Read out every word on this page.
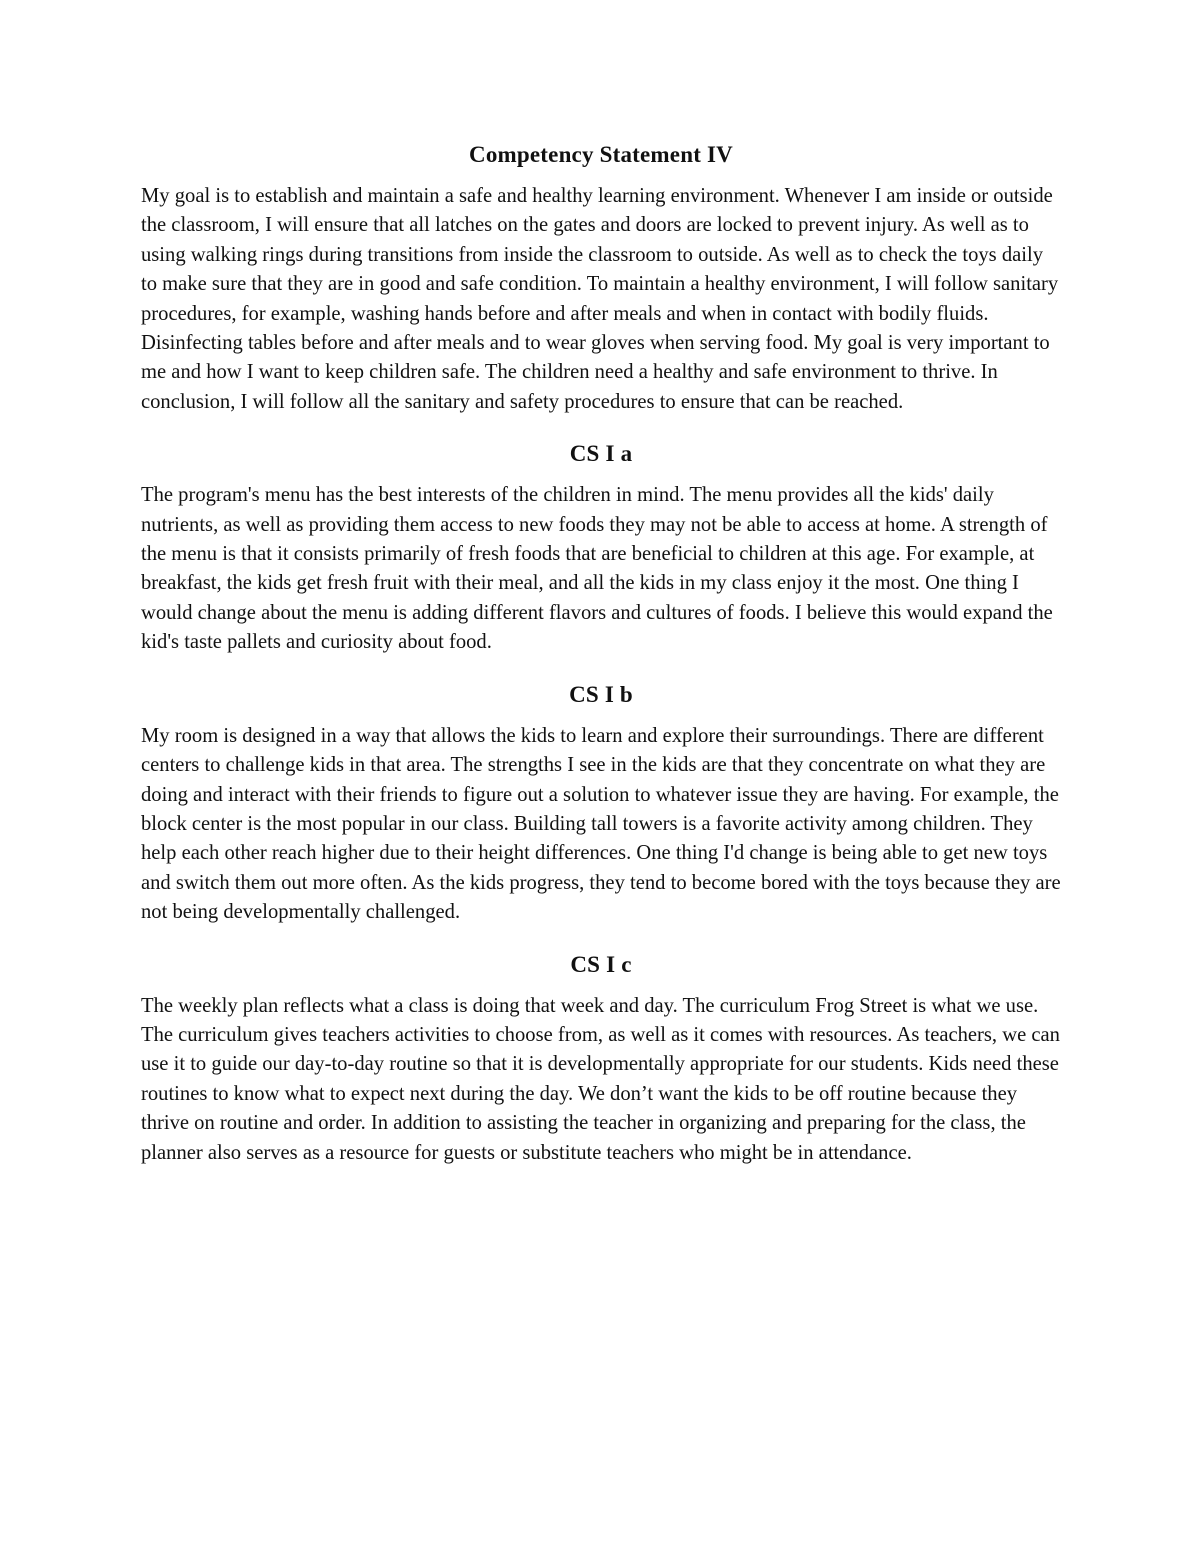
Competency Statement IV

My goal is to establish and maintain a safe and healthy learning environment. Whenever I am inside or outside the classroom, I will ensure that all latches on the gates and doors are locked to prevent injury. As well as to using walking rings during transitions from inside the classroom to outside. As well as to check the toys daily to make sure that they are in good and safe condition. To maintain a healthy environment, I will follow sanitary procedures, for example, washing hands before and after meals and when in contact with bodily fluids. Disinfecting tables before and after meals and to wear gloves when serving food. My goal is very important to me and how I want to keep children safe. The children need a healthy and safe environment to thrive. In conclusion, I will follow all the sanitary and safety procedures to ensure that can be reached.

CS I a

The program's menu has the best interests of the children in mind. The menu provides all the kids' daily nutrients, as well as providing them access to new foods they may not be able to access at home. A strength of the menu is that it consists primarily of fresh foods that are beneficial to children at this age. For example, at breakfast, the kids get fresh fruit with their meal, and all the kids in my class enjoy it the most. One thing I would change about the menu is adding different flavors and cultures of foods. I believe this would expand the kid's taste pallets and curiosity about food.

CS I b

My room is designed in a way that allows the kids to learn and explore their surroundings. There are different centers to challenge kids in that area. The strengths I see in the kids are that they concentrate on what they are doing and interact with their friends to figure out a solution to whatever issue they are having. For example, the block center is the most popular in our class. Building tall towers is a favorite activity among children. They help each other reach higher due to their height differences. One thing I'd change is being able to get new toys and switch them out more often. As the kids progress, they tend to become bored with the toys because they are not being developmentally challenged.

CS I c

The weekly plan reflects what a class is doing that week and day. The curriculum Frog Street is what we use. The curriculum gives teachers activities to choose from, as well as it comes with resources. As teachers, we can use it to guide our day-to-day routine so that it is developmentally appropriate for our students. Kids need these routines to know what to expect next during the day. We don’t want the kids to be off routine because they thrive on routine and order. In addition to assisting the teacher in organizing and preparing for the class, the planner also serves as a resource for guests or substitute teachers who might be in attendance.
